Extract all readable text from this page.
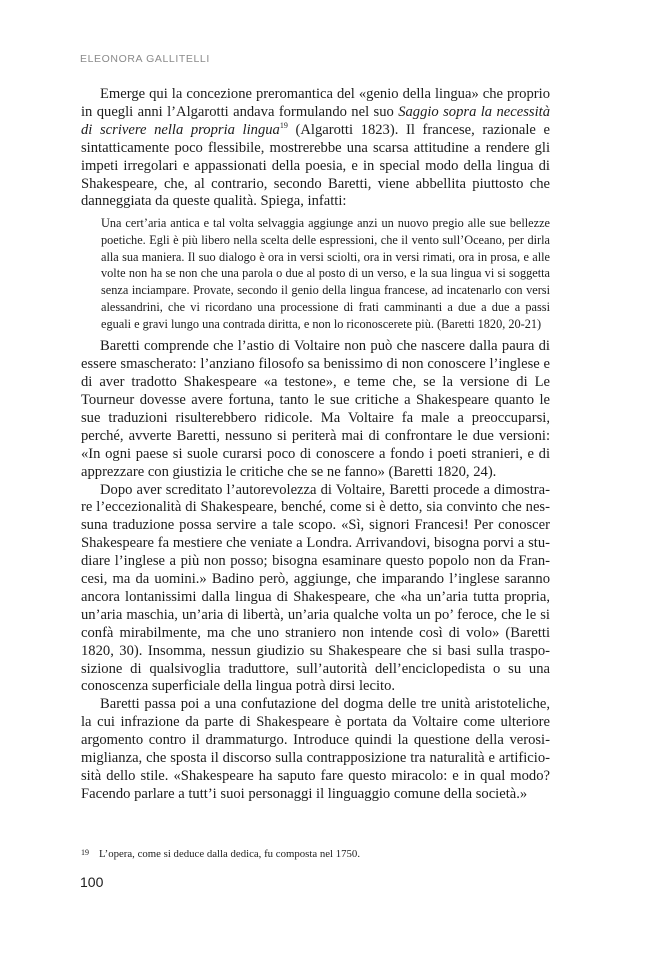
ELEONORA GALLITELLI

Emerge qui la concezione preromantica del «genio della lingua» che proprio in quegli anni l’Algarotti andava formulando nel suo Saggio sopra la necessità di scrivere nella propria lingua$^{19}$ (Algarotti 1823). Il francese, razionale e sintatticamente poco flessibile, mostrerebbe una scarsa attitudine a rendere gli impeti irregolari e appassionati della poesia, e in special modo della lingua di Shakespeare, che, al contrario, secondo Baretti, viene abbellita piuttosto che danneggiata da queste qualità. Spiega, infatti:

Una cert’aria antica e tal volta selvaggia aggiunge anzi un nuovo pregio alle sue bellezze poetiche. Egli è più libero nella scelta delle espressioni, che il vento sull’Oceano, per dirla alla sua maniera. Il suo dialogo è ora in versi sciolti, ora in versi rimati, ora in prosa, e alle volte non ha se non che una parola o due al posto di un verso, e la sua lingua vi si soggetta senza inciampare. Provate, secondo il genio della lingua francese, ad incatenarlo con versi alessandrini, che vi ricordano una processione di frati camminanti a due a due a passi eguali e gravi lungo una contrada diritta, e non lo riconoscerete più. (Baretti 1820, 20-21)

Baretti comprende che l’astio di Voltaire non può che nascere dalla paura di essere smascherato: l’anziano filosofo sa benissimo di non conoscere l’inglese e di aver tradotto Shakespeare «a testone», e teme che, se la versione di Le Tourneur dovesse avere fortuna, tanto le sue critiche a Shakespeare quanto le sue traduzioni risulterebbero ridicole. Ma Voltaire fa male a preoccuparsi, perché, avverte Baretti, nessuno si periterà mai di confrontare le due versioni: «In ogni paese si suole curarsi poco di conoscere a fondo i poeti stranieri, e di apprezzare con giustizia le critiche che se ne fanno» (Baretti 1820, 24).

Dopo aver screditato l’autorevolezza di Voltaire, Baretti procede a dimostrare l’eccezionalità di Shakespeare, benché, come si è detto, sia convinto che nessuna traduzione possa servire a tale scopo. «Sì, signori Francesi! Per conoscer Shakespeare fa mestiere che veniate a Londra. Arrivandovi, bisogna porvi a studiare l’inglese a più non posso; bisogna esaminare questo popolo non da Francesi, ma da uomini.» Badino però, aggiunge, che imparando l’inglese saranno ancora lontanissimi dalla lingua di Shakespeare, che «ha un’aria tutta propria, un’aria maschia, un’aria di libertà, un’aria qualche volta un po’ feroce, che le si confà mirabilmente, ma che uno straniero non intende così di volo» (Baretti 1820, 30). Insomma, nessun giudizio su Shakespeare che si basi sulla trasposizione di qualsivoglia traduttore, sull’autorità dell’enciclopedista o su una conoscenza superficiale della lingua potrà dirsi lecito.

Baretti passa poi a una confutazione del dogma delle tre unità aristoteliche, la cui infrazione da parte di Shakespeare è portata da Voltaire come ulteriore argomento contro il drammaturgo. Introduce quindi la questione della verosimiglianza, che sposta il discorso sulla contrapposizione tra naturalità e artificiosità dello stile. «Shakespeare ha saputo fare questo miracolo: e in qual modo? Facendo parlare a tutt’i suoi personaggi il linguaggio comune della società.»

19 L’opera, come si deduce dalla dedica, fu composta nel 1750.
100
